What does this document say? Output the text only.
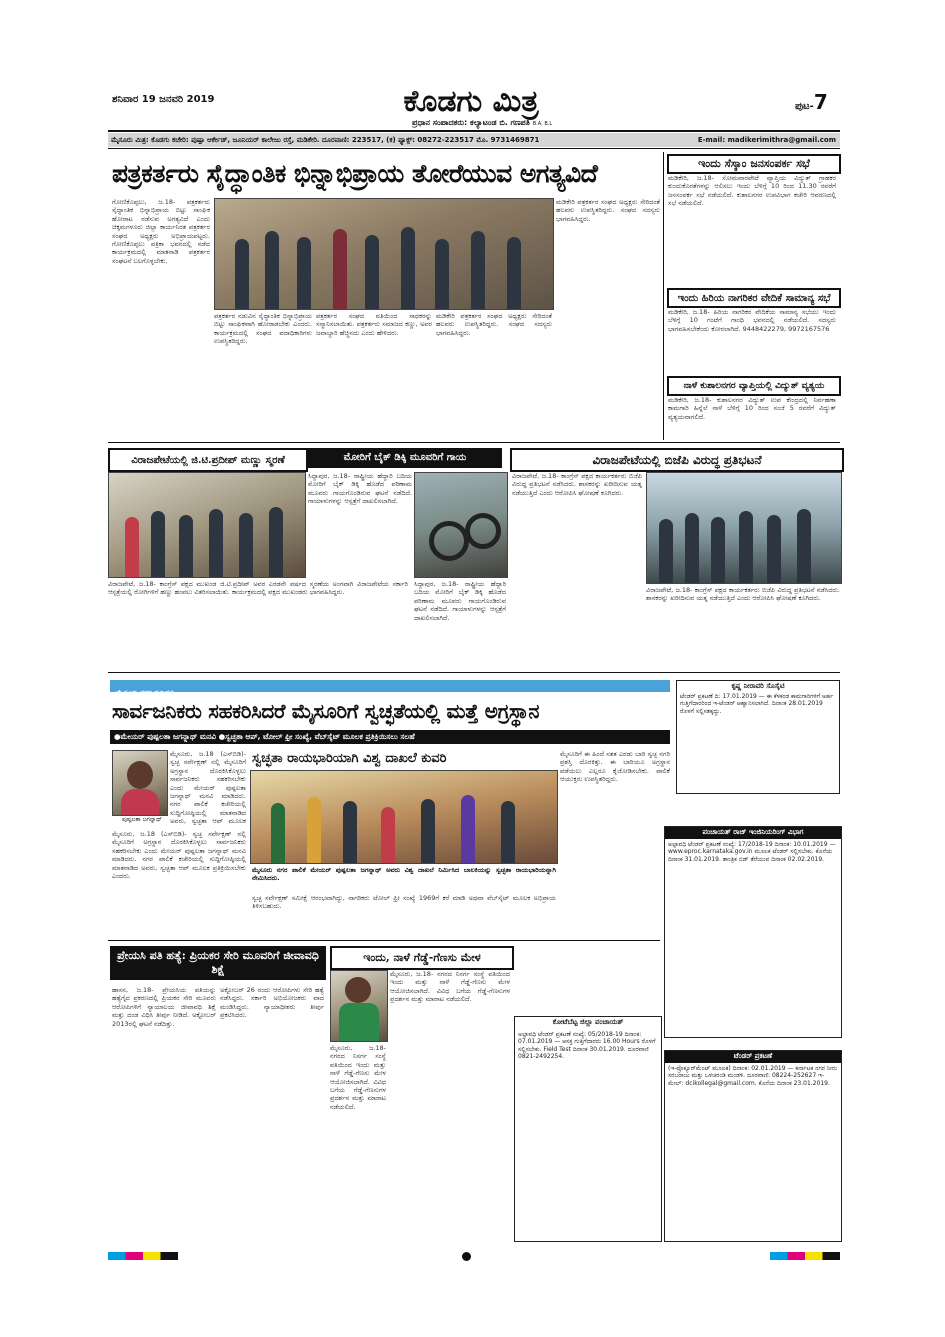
ಶನಿವಾರ 19 ಜನವರಿ 2019	ಕೊಡಗು ಮಿತ್ರ
ಪ್ರಧಾನ ಸಂಪಾದಕರು: ಕಲ್ಯಾಟಂಡ ಬಿ. ಗಣಪತಿ B.A, B.L
ಪುಟ-7
ಮೈಸೂರು ಮಿತ್ರ: ಕೊಡಗು ಕಚೇರಿ: ಪುಷ್ಪಾ ಆರ್ಕೇಡ್, ಜೂನಿಯರ್ ಕಾಲೇಜು ರಸ್ತೆ, ಮಡಿಕೇರಿ. ದೂರವಾಣಿ: 223517, (ಕ) ಫ್ಯಾಕ್ಸ್: 08272-223517 ಮೊ. 9731469871	E-mail: madikerimithra@gmail.com
ಪತ್ರಕರ್ತರು ಸೈದ್ಧಾಂತಿಕ ಭಿನ್ನಾಭಿಪ್ರಾಯ ತೋರೆಯುವ ಅಗತ್ಯವಿದೆ
ಗೋಣಿಕೊಪ್ಪಲು, ಜ.18- ಪತ್ರಕರ್ತರು ಸೈದ್ಧಾಂತಿಕ ಭಿನ್ನಾಭಿಪ್ರಾಯ ಬಿಟ್ಟು ಸಾಂಘಿಕ ಹೋರಾಟ ನಡೆಸುವ ಅಗತ್ಯವಿದೆ ಎಂದು ಚಿಕ್ಕಮಗಳೂರು ಜಿಲ್ಲಾ ಕಾರ್ಯನಿರತ ಪತ್ರಕರ್ತರ ಸಂಘದ ಅಧ್ಯಕ್ಷರು ಅಭಿಪ್ರಾಯಪಟ್ಟರು. ಗೋಣಿಕೊಪ್ಪಲು ಪತ್ರಿಕಾ ಭವನದಲ್ಲಿ ನಡೆದ ಕಾರ್ಯಕ್ರಮದಲ್ಲಿ ಮಾತನಾಡಿ ಪತ್ರಕರ್ತರ ಸಂಘಟನೆ ಬಲಗೊಳ್ಳಬೇಕು.
ಪತ್ರಕರ್ತರ ನಡುವಿನ ಸೈದ್ಧಾಂತಿಕ ಭಿನ್ನಾಭಿಪ್ರಾಯ ಬಿಟ್ಟು ಸಾಂಘಿಕವಾಗಿ ಹೋರಾಡಬೇಕು ಎಂದರು. ಕಾರ್ಯಕ್ರಮದಲ್ಲಿ ಸಂಘದ ಪದಾಧಿಕಾರಿಗಳು ಉಪಸ್ಥಿತರಿದ್ದರು.
ಪತ್ರಕರ್ತರ ಸಂಘದ ವತಿಯಿಂದ ಸಾಧಕರನ್ನು ಸನ್ಮಾನಿಸಲಾಯಿತು. ಪತ್ರಕರ್ತರು ಸಮಾಜದ ಕಣ್ಣು, ಅವರ ಜವಾಬ್ದಾರಿ ಹೆಚ್ಚಿನದು ಎಂದು ಹೇಳಿದರು.
ಮಡಿಕೇರಿ ಪತ್ರಕರ್ತರ ಸಂಘದ ಅಧ್ಯಕ್ಷರು ಸೇರಿದಂತೆ ಹಲವರು ಉಪಸ್ಥಿತರಿದ್ದರು. ಸಂಘದ ಸದಸ್ಯರು ಭಾಗವಹಿಸಿದ್ದರು.
ಮಡಿಕೇರಿ ಪತ್ರಕರ್ತರ ಸಂಘದ ಅಧ್ಯಕ್ಷರು ಸೇರಿದಂತೆ ಹಲವರು ಉಪಸ್ಥಿತರಿದ್ದರು. ಸಂಘದ ಸದಸ್ಯರು ಭಾಗವಹಿಸಿದ್ದರು.
ಇಂದು ಸೆಸ್ಕಾಂ ಜನಸಂಪರ್ಕ ಸಭೆ
ಮಡಿಕೇರಿ, ಜ.18- ಸೋಮವಾರಪೇಟೆ ವ್ಯಾಪ್ತಿಯ ವಿದ್ಯುತ್ ಗ್ರಾಹಕರ ಕುಂದುಕೊರತೆಗಳನ್ನು ಆಲಿಸಲು ಇಂದು ಬೆಳಿಗ್ಗೆ 10 ರಿಂದ 11.30 ರವರೆಗೆ ಜನಸಂಪರ್ಕ ಸಭೆ ನಡೆಯಲಿದೆ. ಕುಶಾಲನಗರ ಉಪವಿಭಾಗ ಕಚೇರಿ ಆವರಣದಲ್ಲಿ ಸಭೆ ನಡೆಯಲಿದೆ.
ಇಂದು ಹಿರಿಯ ನಾಗರಿಕರ ವೇದಿಕೆ ಸಾಮಾನ್ಯ ಸಭೆ
ಮಡಿಕೇರಿ, ಜ.18- ಹಿರಿಯ ನಾಗರಿಕರ ವೇದಿಕೆಯ ಸಾಮಾನ್ಯ ಸಭೆಯು ಇಂದು ಬೆಳಿಗ್ಗೆ 10 ಗಂಟೆಗೆ ಗಾಂಧಿ ಭವನದಲ್ಲಿ ನಡೆಯಲಿದೆ. ಸದಸ್ಯರು ಭಾಗವಹಿಸಬೇಕೆಂದು ಕೋರಲಾಗಿದೆ. 9448422279, 9972167576
ನಾಳೆ ಕುಶಾಲನಗರ ವ್ಯಾಪ್ತಿಯಲ್ಲಿ ವಿದ್ಯುತ್ ವ್ಯತ್ಯಯ
ಮಡಿಕೇರಿ, ಜ.18- ಕುಶಾಲನಗರ ವಿದ್ಯುತ್ ಉಪ ಕೇಂದ್ರದಲ್ಲಿ ನಿರ್ವಹಣಾ ಕಾಮಗಾರಿ ಹಿನ್ನೆಲೆ ನಾಳೆ ಬೆಳಿಗ್ಗೆ 10 ರಿಂದ ಸಂಜೆ 5 ರವರೆಗೆ ವಿದ್ಯುತ್ ವ್ಯತ್ಯಯವಾಗಲಿದೆ.
ವಿರಾಜಪೇಟೆಯಲ್ಲಿ ಜಿ.ಟಿ.ಪ್ರದೀಪ್ ಮಣ್ಣು ಸ್ಮರಣೆ
ವಿರಾಜಪೇಟೆ, ಜ.18- ಕಾಂಗ್ರೆಸ್ ಪಕ್ಷದ ಮುಖಂಡ ಜಿ.ಟಿ.ಪ್ರದೀಪ್ ಅವರ ಎರಡನೇ ವರ್ಷದ ಸ್ಮರಣೆಯ ಅಂಗವಾಗಿ ವಿರಾಜಪೇಟೆಯ ಸರ್ಕಾರಿ ಆಸ್ಪತ್ರೆಯಲ್ಲಿ ರೋಗಿಗಳಿಗೆ ಹಣ್ಣು ಹಂಪಲು ವಿತರಿಸಲಾಯಿತು. ಕಾರ್ಯಕ್ರಮದಲ್ಲಿ ಪಕ್ಷದ ಮುಖಂಡರು ಭಾಗವಹಿಸಿದ್ದರು.
ಮೋರಿಗೆ ಬೈಕ್ ಡಿಕ್ಕಿ ಮೂವರಿಗೆ ಗಾಯ
ಸಿದ್ದಾಪುರ, ಜ.18- ರಾಷ್ಟ್ರೀಯ ಹೆದ್ದಾರಿ ಬದಿಯ ಮೋರಿಗೆ ಬೈಕ್ ಡಿಕ್ಕಿ ಹೊಡೆದ ಪರಿಣಾಮ ಮೂವರು ಗಾಯಗೊಂಡಿರುವ ಘಟನೆ ನಡೆದಿದೆ. ಗಾಯಾಳುಗಳನ್ನು ಆಸ್ಪತ್ರೆಗೆ ದಾಖಲಿಸಲಾಗಿದೆ.
ಸಿದ್ದಾಪುರ, ಜ.18- ರಾಷ್ಟ್ರೀಯ ಹೆದ್ದಾರಿ ಬದಿಯ ಮೋರಿಗೆ ಬೈಕ್ ಡಿಕ್ಕಿ ಹೊಡೆದ ಪರಿಣಾಮ ಮೂವರು ಗಾಯಗೊಂಡಿರುವ ಘಟನೆ ನಡೆದಿದೆ. ಗಾಯಾಳುಗಳನ್ನು ಆಸ್ಪತ್ರೆಗೆ ದಾಖಲಿಸಲಾಗಿದೆ.
ವಿರಾಜಪೇಟೆಯಲ್ಲಿ ಬಿಜೆಪಿ ವಿರುದ್ಧ ಪ್ರತಿಭಟನೆ
ವಿರಾಜಪೇಟೆ, ಜ.18- ಕಾಂಗ್ರೆಸ್ ಪಕ್ಷದ ಕಾರ್ಯಕರ್ತರು ಬಿಜೆಪಿ ವಿರುದ್ಧ ಪ್ರತಿಭಟನೆ ನಡೆಸಿದರು. ಶಾಸಕರನ್ನು ಖರೀದಿಸುವ ಯತ್ನ ನಡೆಯುತ್ತಿದೆ ಎಂದು ಆರೋಪಿಸಿ ಘೋಷಣೆ ಕೂಗಿದರು.
ವಿರಾಜಪೇಟೆ, ಜ.18- ಕಾಂಗ್ರೆಸ್ ಪಕ್ಷದ ಕಾರ್ಯಕರ್ತರು ಬಿಜೆಪಿ ವಿರುದ್ಧ ಪ್ರತಿಭಟನೆ ನಡೆಸಿದರು. ಶಾಸಕರನ್ನು ಖರೀದಿಸುವ ಯತ್ನ ನಡೆಯುತ್ತಿದೆ ಎಂದು ಆರೋಪಿಸಿ ಘೋಷಣೆ ಕೂಗಿದರು.
ಮೈಸೂರು ನಗರ ಸುದ್ದಿಗಳು...
ಸಾರ್ವಜನಿಕರು ಸಹಕರಿಸಿದರೆ ಮೈಸೂರಿಗೆ ಸ್ವಚ್ಛತೆಯಲ್ಲಿ ಮತ್ತೆ ಅಗ್ರಸ್ಥಾನ
●ಮೇಯರ್ ಪುಷ್ಪಲತಾ ಜಗನ್ನಾಥ್ ಮನವಿ ●ಸ್ವಚ್ಛತಾ ಆಪ್, ಟೋಲ್ ಫ್ರೀ ಸಂಖ್ಯೆ, ವೆಬ್‌ಸೈಟ್ ಮೂಲಕ ಪ್ರತಿಕ್ರಿಯಿಸಲು ಸಲಹೆ
ಪುಷ್ಪಲತಾ ಜಗನ್ನಾಥ್
ಮೈಸೂರು, ಜ.18 (ಎಸ್‌ಬಿಡಿ)- ಸ್ವಚ್ಛ ಸರ್ವೇಕ್ಷಣ್ ನಲ್ಲಿ ಮೈಸೂರಿಗೆ ಅಗ್ರಸ್ಥಾನ ದೊರಕಿಸಿಕೊಳ್ಳಲು ಸಾರ್ವಜನಿಕರು ಸಹಕರಿಸಬೇಕು ಎಂದು ಮೇಯರ್ ಪುಷ್ಪಲತಾ ಜಗನ್ನಾಥ್ ಮನವಿ ಮಾಡಿದರು. ನಗರ ಪಾಲಿಕೆ ಕಚೇರಿಯಲ್ಲಿ ಸುದ್ದಿಗೋಷ್ಠಿಯಲ್ಲಿ ಮಾತನಾಡಿದ ಅವರು, ಸ್ವಚ್ಛತಾ ಆಪ್ ಮೂಲಕ
ಮೈಸೂರು, ಜ.18 (ಎಸ್‌ಬಿಡಿ)- ಸ್ವಚ್ಛ ಸರ್ವೇಕ್ಷಣ್ ನಲ್ಲಿ ಮೈಸೂರಿಗೆ ಅಗ್ರಸ್ಥಾನ ದೊರಕಿಸಿಕೊಳ್ಳಲು ಸಾರ್ವಜನಿಕರು ಸಹಕರಿಸಬೇಕು ಎಂದು ಮೇಯರ್ ಪುಷ್ಪಲತಾ ಜಗನ್ನಾಥ್ ಮನವಿ ಮಾಡಿದರು. ನಗರ ಪಾಲಿಕೆ ಕಚೇರಿಯಲ್ಲಿ ಸುದ್ದಿಗೋಷ್ಠಿಯಲ್ಲಿ ಮಾತನಾಡಿದ ಅವರು, ಸ್ವಚ್ಛತಾ ಆಪ್ ಮೂಲಕ ಪ್ರತಿಕ್ರಿಯಿಸಬೇಕು ಎಂದರು.
ಸ್ವಚ್ಛತಾ ರಾಯಭಾರಿಯಾಗಿ ವಿಶ್ವ ದಾಖಲೆ ಕುವರಿ
ಮೈಸೂರು ನಗರ ಪಾಲಿಕೆ ಮೇಯರ್ ಪುಷ್ಪಲತಾ ಜಗನ್ನಾಥ್ ಅವರು ವಿಶ್ವ ದಾಖಲೆ ನಿರ್ಮಿಸಿದ ಬಾಲಕಿಯನ್ನು ಸ್ವಚ್ಛತಾ ರಾಯಭಾರಿಯನ್ನಾಗಿ ನೇಮಿಸಿದರು.
ಸ್ವಚ್ಛ ಸರ್ವೇಕ್ಷಣ್ ಸಮೀಕ್ಷೆ ಆರಂಭವಾಗಿದ್ದು, ನಾಗರಿಕರು ಟೋಲ್ ಫ್ರೀ ಸಂಖ್ಯೆ 1969ಗೆ ಕರೆ ಮಾಡಿ ಅಥವಾ ವೆಬ್‌ಸೈಟ್ ಮೂಲಕ ಅಭಿಪ್ರಾಯ ತಿಳಿಸಬಹುದು.
ಮೈಸೂರಿಗೆ ಈ ಹಿಂದೆ ಸತತ ಎರಡು ಬಾರಿ ಸ್ವಚ್ಛ ನಗರಿ ಪ್ರಶಸ್ತಿ ದೊರಕಿತ್ತು. ಈ ಬಾರಿಯೂ ಅಗ್ರಸ್ಥಾನ ಪಡೆಯಲು ಎಲ್ಲರೂ ಕೈಜೋಡಿಸಬೇಕು. ಪಾಲಿಕೆ ಆಯುಕ್ತರು ಉಪಸ್ಥಿತರಿದ್ದರು.
ಕೃಷ್ಣ ನೀರಾವರಿ ಸೊಸೈಟಿ
ಟೆಂಡರ್ ಪ್ರಕಟಣೆ ದಿ: 17.01.2019 — ಈ ಕೆಳಕಂಡ ಕಾಮಗಾರಿಗಳಿಗೆ ಅರ್ಹ ಗುತ್ತಿಗೆದಾರರಿಂದ ಇ-ಟೆಂಡರ್ ಆಹ್ವಾನಿಸಲಾಗಿದೆ. ದಿನಾಂಕ 28.01.2019 ರೊಳಗೆ ಸಲ್ಲಿಸತಕ್ಕದ್ದು.
ಪಂಚಾಯತ್ ರಾಜ್ ಇಂಜಿನಿಯರಿಂಗ್ ವಿಭಾಗ
ಅಲ್ಪಾವಧಿ ಟೆಂಡರ್ ಪ್ರಕಟಣೆ ಸಂಖ್ಯೆ: 17/2018-19 ದಿನಾಂಕ: 10.01.2019 — www.eproc.karnataka.gov.in ಮೂಲಕ ಟೆಂಡರ್ ಸಲ್ಲಿಸಬೇಕು. ಕೊನೆಯ ದಿನಾಂಕ 31.01.2019. ತಾಂತ್ರಿಕ ಬಿಡ್ ತೆರೆಯುವ ದಿನಾಂಕ 02.02.2019.
ಟೆಂಡರ್ ಪ್ರಕಟಣೆ
(ಇ-ಪ್ರೊಕ್ಯೂರ್‌ಮೆಂಟ್ ಮೂಲಕ) ದಿನಾಂಕ: 02.01.2019 — ಕರ್ನಾಟಕ ನಗರ ನೀರು ಸರಬರಾಜು ಮತ್ತು ಒಳಚರಂಡಿ ಮಂಡಳಿ. ದೂರವಾಣಿ: 08224-252627 ಇ-ಮೇಲ್: dcikollegal@gmail.com. ಕೊನೆಯ ದಿನಾಂಕ 23.01.2019.
ಕೋಟೆಬೆಟ್ಟ ಜಿಲ್ಲಾ ಪಂಚಾಯತ್
ಅಲ್ಪಾವಧಿ ಟೆಂಡರ್ ಪ್ರಕಟಣೆ ಸಂಖ್ಯೆ: 05/2018-19 ದಿನಾಂಕ: 07.01.2019 — ಆಸಕ್ತ ಗುತ್ತಿಗೆದಾರರು 16.00 Hours ರೊಳಗೆ ಸಲ್ಲಿಸಬೇಕು. Field Test ದಿನಾಂಕ 30.01.2019. ದೂರವಾಣಿ 0821-2492254.
ಪ್ರೇಯಸಿ ಪತಿ ಹತ್ಯೆ: ಪ್ರಿಯಕರ ಸೇರಿ ಮೂವರಿಗೆ ಜೀವಾವಧಿ ಶಿಕ್ಷೆ
ಹಾಸನ, ಜ.18- ಪ್ರೇಯಸಿಯ ಪತಿಯನ್ನು ಹತ್ಯೆಗೈದ ಪ್ರಕರಣದಲ್ಲಿ ಪ್ರಿಯಕರ ಸೇರಿ ಮೂವರು ಆರೋಪಿಗಳಿಗೆ ನ್ಯಾಯಾಲಯ ಜೀವಾವಧಿ ಶಿಕ್ಷೆ ಮತ್ತು ದಂಡ ವಿಧಿಸಿ ತೀರ್ಪು ನೀಡಿದೆ. ಅಕ್ಟೋಬರ್ 2013ರಲ್ಲಿ ಘಟನೆ ನಡೆದಿತ್ತು.
ಅಕ್ಟೋಬರ್ 26 ರಂದು ಆರೋಪಿಗಳು ಸೇರಿ ಹತ್ಯೆ ನಡೆಸಿದ್ದರು. ಸರ್ಕಾರಿ ಅಭಿಯೋಜಕರು ವಾದ ಮಂಡಿಸಿದ್ದರು. ನ್ಯಾಯಾಧೀಶರು ತೀರ್ಪು ಪ್ರಕಟಿಸಿದರು.
ಇಂದು, ನಾಳೆ ಗೆಡ್ಡೆ-ಗೆಣಸು ಮೇಳ
ಮೈಸೂರು, ಜ.18- ನಗರದ ನಿಸರ್ಗ ಸಂಸ್ಥೆ ವತಿಯಿಂದ ಇಂದು ಮತ್ತು ನಾಳೆ ಗೆಡ್ಡೆ-ಗೆಣಸು ಮೇಳ ಆಯೋಜಿಸಲಾಗಿದೆ. ವಿವಿಧ ಬಗೆಯ ಗೆಡ್ಡೆ-ಗೆಣಸುಗಳ ಪ್ರದರ್ಶನ ಮತ್ತು ಮಾರಾಟ ನಡೆಯಲಿದೆ.
ಮೈಸೂರು, ಜ.18- ನಗರದ ನಿಸರ್ಗ ಸಂಸ್ಥೆ ವತಿಯಿಂದ ಇಂದು ಮತ್ತು ನಾಳೆ ಗೆಡ್ಡೆ-ಗೆಣಸು ಮೇಳ ಆಯೋಜಿಸಲಾಗಿದೆ. ವಿವಿಧ ಬಗೆಯ ಗೆಡ್ಡೆ-ಗೆಣಸುಗಳ ಪ್ರದರ್ಶನ ಮತ್ತು ಮಾರಾಟ ನಡೆಯಲಿದೆ.
